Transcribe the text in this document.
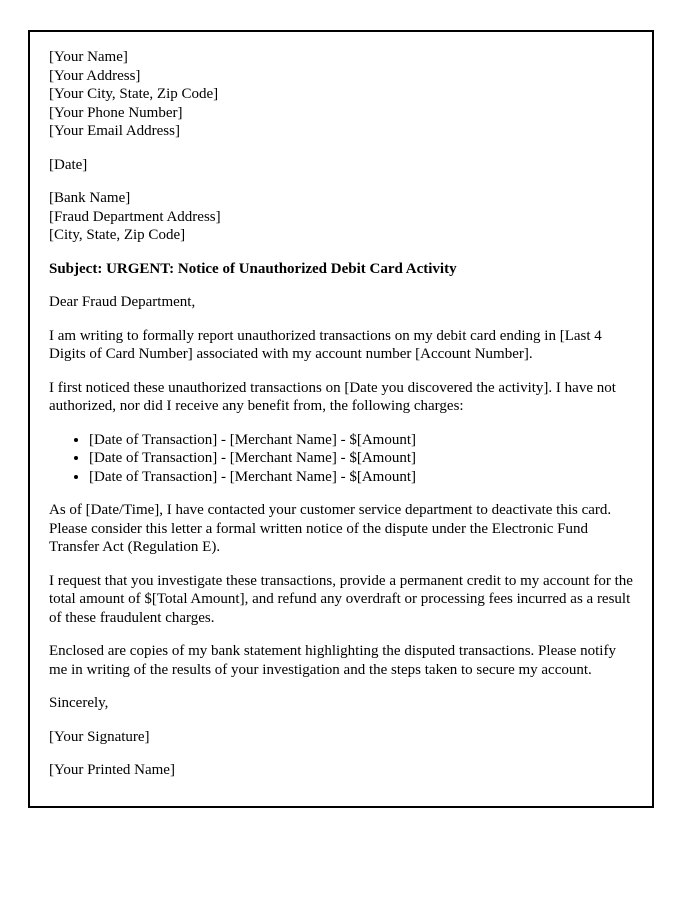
[Your Name]
[Your Address]
[Your City, State, Zip Code]
[Your Phone Number]
[Your Email Address]
[Date]
[Bank Name]
[Fraud Department Address]
[City, State, Zip Code]
Subject: URGENT: Notice of Unauthorized Debit Card Activity
Dear Fraud Department,

I am writing to formally report unauthorized transactions on my debit card ending in [Last 4 Digits of Card Number] associated with my account number [Account Number].

I first noticed these unauthorized transactions on [Date you discovered the activity]. I have not authorized, nor did I receive any benefit from, the following charges:

• [Date of Transaction] - [Merchant Name] - $[Amount]
• [Date of Transaction] - [Merchant Name] - $[Amount]
• [Date of Transaction] - [Merchant Name] - $[Amount]

As of [Date/Time], I have contacted your customer service department to deactivate this card. Please consider this letter a formal written notice of the dispute under the Electronic Fund Transfer Act (Regulation E).

I request that you investigate these transactions, provide a permanent credit to my account for the total amount of $[Total Amount], and refund any overdraft or processing fees incurred as a result of these fraudulent charges.

Enclosed are copies of my bank statement highlighting the disputed transactions. Please notify me in writing of the results of your investigation and the steps taken to secure my account.

Sincerely,
[Your Signature]
[Your Printed Name]
